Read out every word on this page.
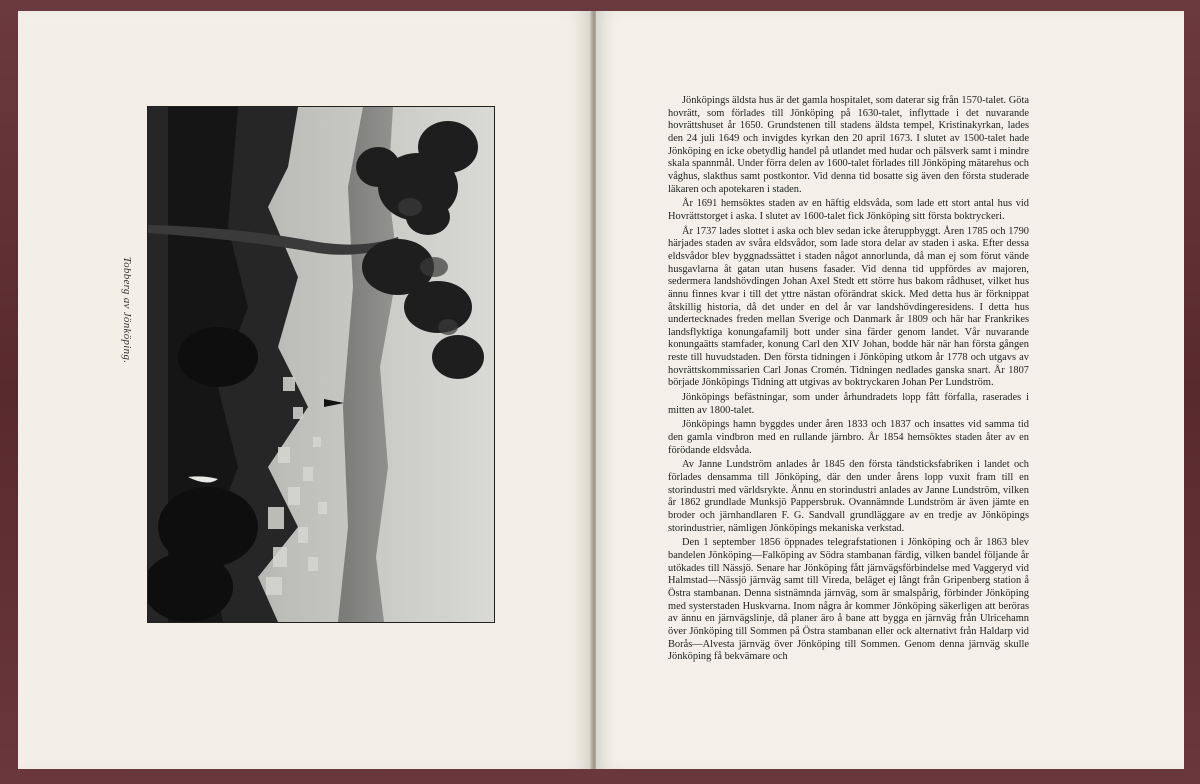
Tobberg av Jönköping.

Jönköpings äldsta hus är det gamla hospitalet, som daterar sig från 1570-talet. Göta hovrätt, som förlades till Jönköping på 1630-talet, inflyttade i det nuvarande hovrättshuset år 1650. Grundstenen till stadens äldsta tempel, Kristinakyrkan, lades den 24 juli 1649 och invigdes kyrkan den 20 april 1673. I slutet av 1500-talet hade Jönköping en icke obetydlig handel på utlandet med hudar och pälsverk samt i mindre skala spannmål. Under förra delen av 1600-talet förlades till Jönköping mätarehus och våghus, slakthus samt postkontor. Vid denna tid bosatte sig även den första studerade läkaren och apotekaren i staden.

År 1691 hemsöktes staden av en häftig eldsvåda, som lade ett stort antal hus vid Hovrättstorget i aska. I slutet av 1600-talet fick Jönköping sitt första boktryckeri.

År 1737 lades slottet i aska och blev sedan icke återuppbyggt. Åren 1785 och 1790 härjades staden av svåra eldsvådor, som lade stora delar av staden i aska. Efter dessa eldsvådor blev byggnadssättet i staden något annorlunda, då man ej som förut vände husgavlarna åt gatan utan husens fasader. Vid denna tid uppfördes av majoren, sedermera landshövdingen Johan Axel Stedt ett större hus bakom rådhuset, vilket hus ännu finnes kvar i till det yttre nästan oförändrat skick. Med detta hus är förknippat åtskillig historia, då det under en del år var landshövdingeresidens. I detta hus undertecknades freden mellan Sverige och Danmark år 1809 och här har Frankrikes landsflyktiga konungafamilj bott under sina färder genom landet. Vår nuvarande konungaätts stamfader, konung Carl den XIV Johan, bodde här när han första gången reste till huvudstaden. Den första tidningen i Jönköping utkom år 1778 och utgavs av hovrättskommissarien Carl Jonas Cromén. Tidningen nedlades ganska snart. År 1807 började Jönköpings Tidning att utgivas av boktryckaren Johan Per Lundström.

Jönköpings befästningar, som under århundradets lopp fått förfalla, raserades i mitten av 1800-talet.

Jönköpings hamn byggdes under åren 1833 och 1837 och insattes vid samma tid den gamla vindbron med en rullande järnbro. År 1854 hemsöktes staden åter av en förödande eldsvåda.

Av Janne Lundström anlades år 1845 den första tändsticksfabriken i landet och förlades densamma till Jönköping, där den under årens lopp vuxit fram till en storindustri med världsrykte. Ännu en storindustri anlades av Janne Lundström, vilken år 1862 grundlade Munksjö Pappersbruk. Ovannämnde Lundström är även jämte en broder och järnhandlaren F. G. Sandvall grundläggare av en tredje av Jönköpings storindustrier, nämligen Jönköpings mekaniska verkstad.

Den 1 september 1856 öppnades telegrafstationen i Jönköping och år 1863 blev bandelen Jönköping—Falköping av Södra stambanan färdig, vilken bandel följande år utökades till Nässjö. Senare har Jönköping fått järnvägsförbindelse med Vaggeryd vid Halmstad—Nässjö järnväg samt till Vireda, beläget ej långt från Gripenberg station å Östra stambanan. Denna sistnämnda järnväg, som är smalspårig, förbinder Jönköping med systerstaden Huskvarna. Inom några år kommer Jönköping säkerligen att beröras av ännu en järnvägslinje, då planer äro å bane att bygga en järnväg från Ulricehamn över Jönköping till Sommen på Östra stambanan eller ock alternativt från Haldarp vid Borås—Alvesta järnväg över Jönköping till Sommen. Genom denna järnväg skulle Jönköping få bekvämare och
